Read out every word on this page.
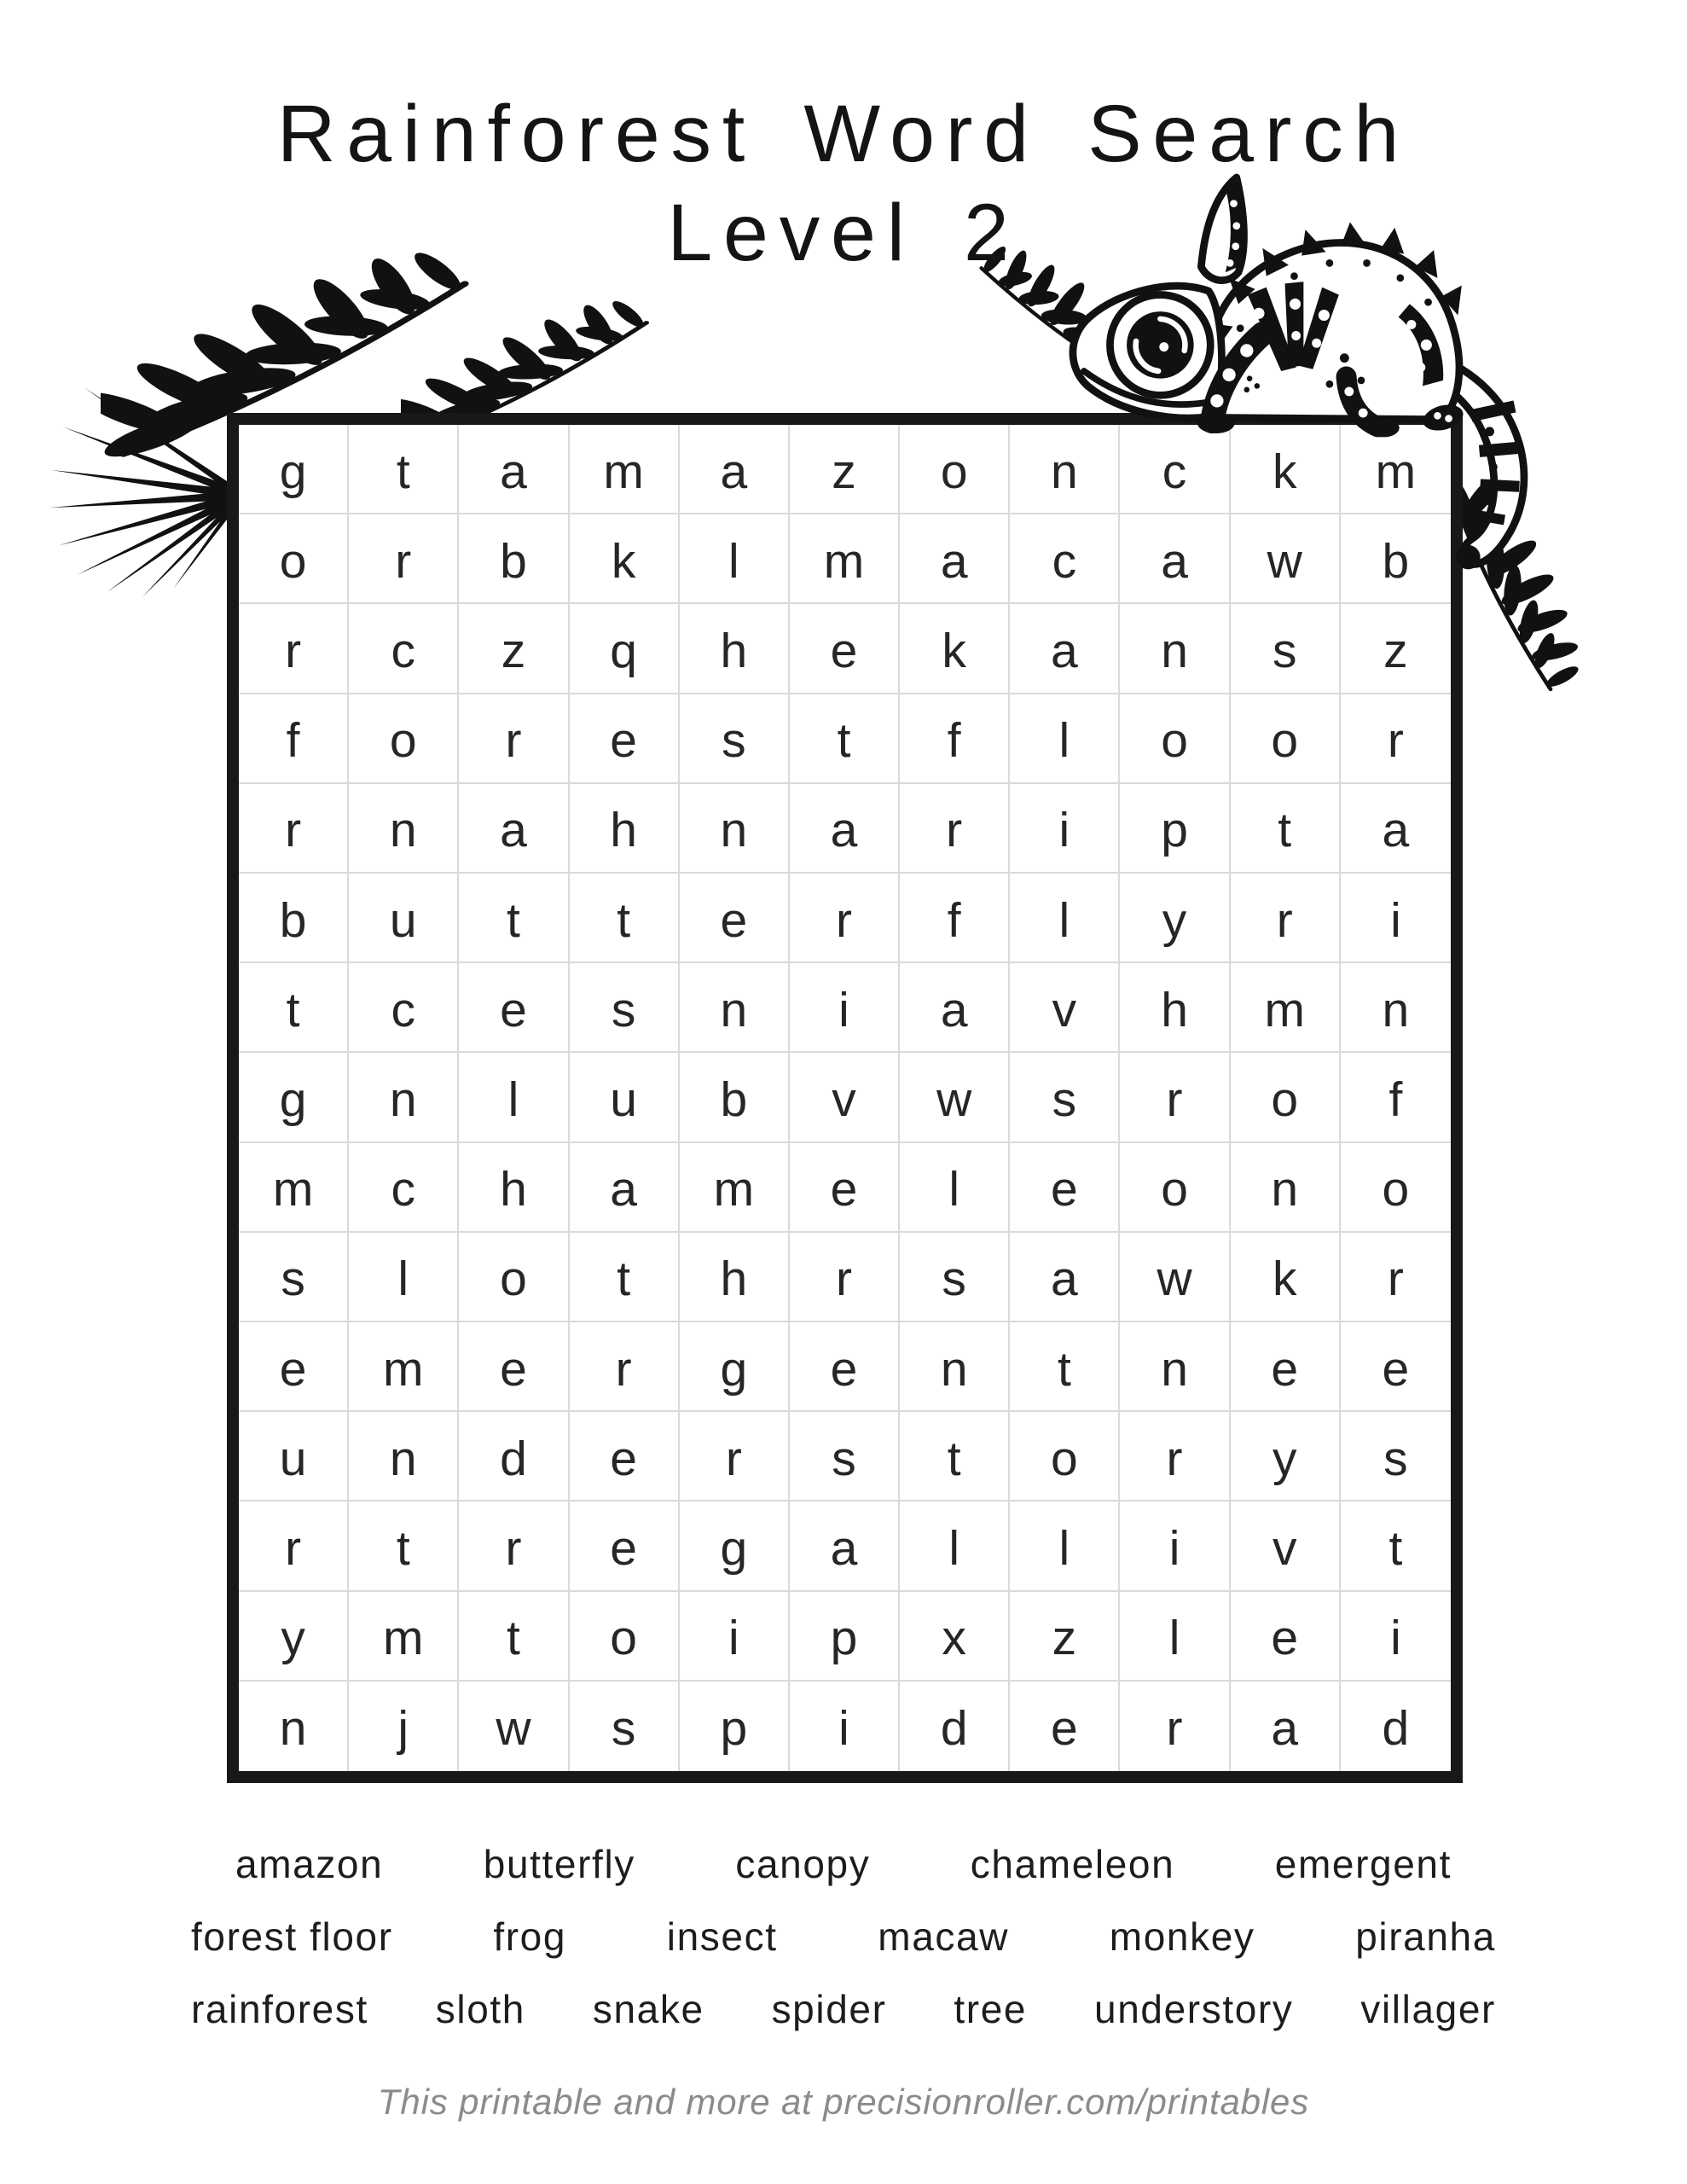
Rainforest Word Search
Level 2
g	t	a	m	a	z	o	n	c	k	m
o	r	b	k	l	m	a	c	a	w	b
r	c	z	q	h	e	k	a	n	s	z
f	o	r	e	s	t	f	l	o	o	r
r	n	a	h	n	a	r	i	p	t	a
b	u	t	t	e	r	f	l	y	r	i
t	c	e	s	n	i	a	v	h	m	n
g	n	l	u	b	v	w	s	r	o	f
m	c	h	a	m	e	l	e	o	n	o
s	l	o	t	h	r	s	a	w	k	r
e	m	e	r	g	e	n	t	n	e	e
u	n	d	e	r	s	t	o	r	y	s
r	t	r	e	g	a	l	l	i	v	t
y	m	t	o	i	p	x	z	l	e	i
n	j	w	s	p	i	d	e	r	a	d
amazon	butterfly	canopy	chameleon	emergent
forest floor	frog	insect	macaw	monkey	piranha
rainforest sloth snake spider tree understory villager
This printable and more at precisionroller.com/printables
